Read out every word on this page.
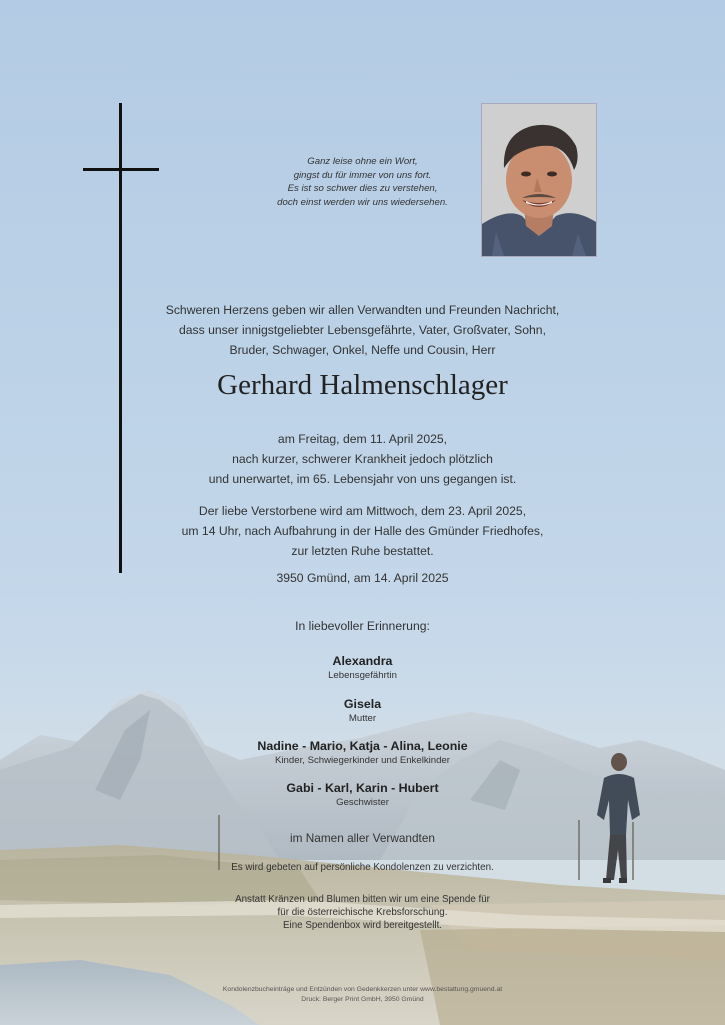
Ganz leise ohne ein Wort,
gingst du für immer von uns fort.
Es ist so schwer dies zu verstehen,
doch einst werden wir uns wiedersehen.
Schweren Herzens geben wir allen Verwandten und Freunden Nachricht,
dass unser innigstgeliebter Lebensgefährte, Vater, Großvater, Sohn,
Bruder, Schwager, Onkel, Neffe und Cousin, Herr
Gerhard Halmenschlager
am Freitag, dem 11. April 2025,
nach kurzer, schwerer Krankheit jedoch plötzlich
und unerwartet, im 65. Lebensjahr von uns gegangen ist.
Der liebe Verstorbene wird am Mittwoch, dem 23. April 2025,
um 14 Uhr, nach Aufbahrung in der Halle des Gmünder Friedhofes,
zur letzten Ruhe bestattet.
3950 Gmünd, am 14. April 2025
In liebevoller Erinnerung:
Alexandra
Lebensgefährtin
Gisela
Mutter
Nadine - Mario, Katja - Alina, Leonie
Kinder, Schwiegerkinder und Enkelkinder
Gabi - Karl, Karin - Hubert
Geschwister
im Namen aller Verwandten
Es wird gebeten auf persönliche Kondolenzen zu verzichten.
Anstatt Kränzen und Blumen bitten wir um eine Spende für
für die österreichische Krebsforschung.
Eine Spendenbox wird bereitgestellt.
Kondolenzbucheinträge und Entzünden von Gedenkkerzen unter www.bestattung.gmuend.at
Druck: Berger Print GmbH, 3950 Gmünd
